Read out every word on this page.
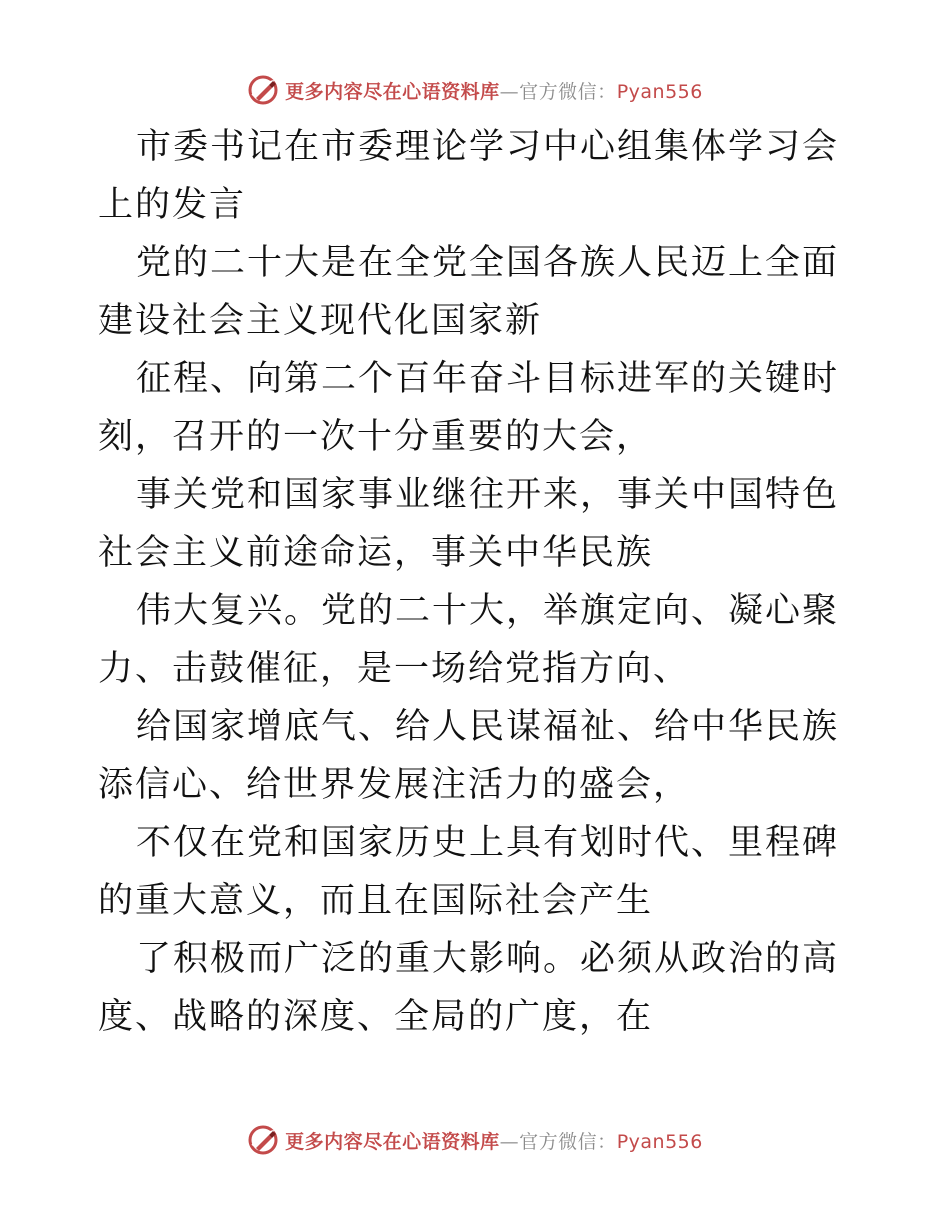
更多内容尽在心语资料库—官方微信：Pyan556

市委书记在市委理论学习中心组集体学习会上的发言

党的二十大是在全党全国各族人民迈上全面建设社会主义现代化国家新

征程、向第二个百年奋斗目标进军的关键时刻，召开的一次十分重要的大会，

事关党和国家事业继往开来，事关中国特色社会主义前途命运，事关中华民族

伟大复兴。党的二十大，举旗定向、凝心聚力、击鼓催征，是一场给党指方向、

给国家增底气、给人民谋福祉、给中华民族添信心、给世界发展注活力的盛会，

不仅在党和国家历史上具有划时代、里程碑的重大意义，而且在国际社会产生

了积极而广泛的重大影响。必须从政治的高度、战略的深度、全局的广度，在

更多内容尽在心语资料库—官方微信：Pyan556
